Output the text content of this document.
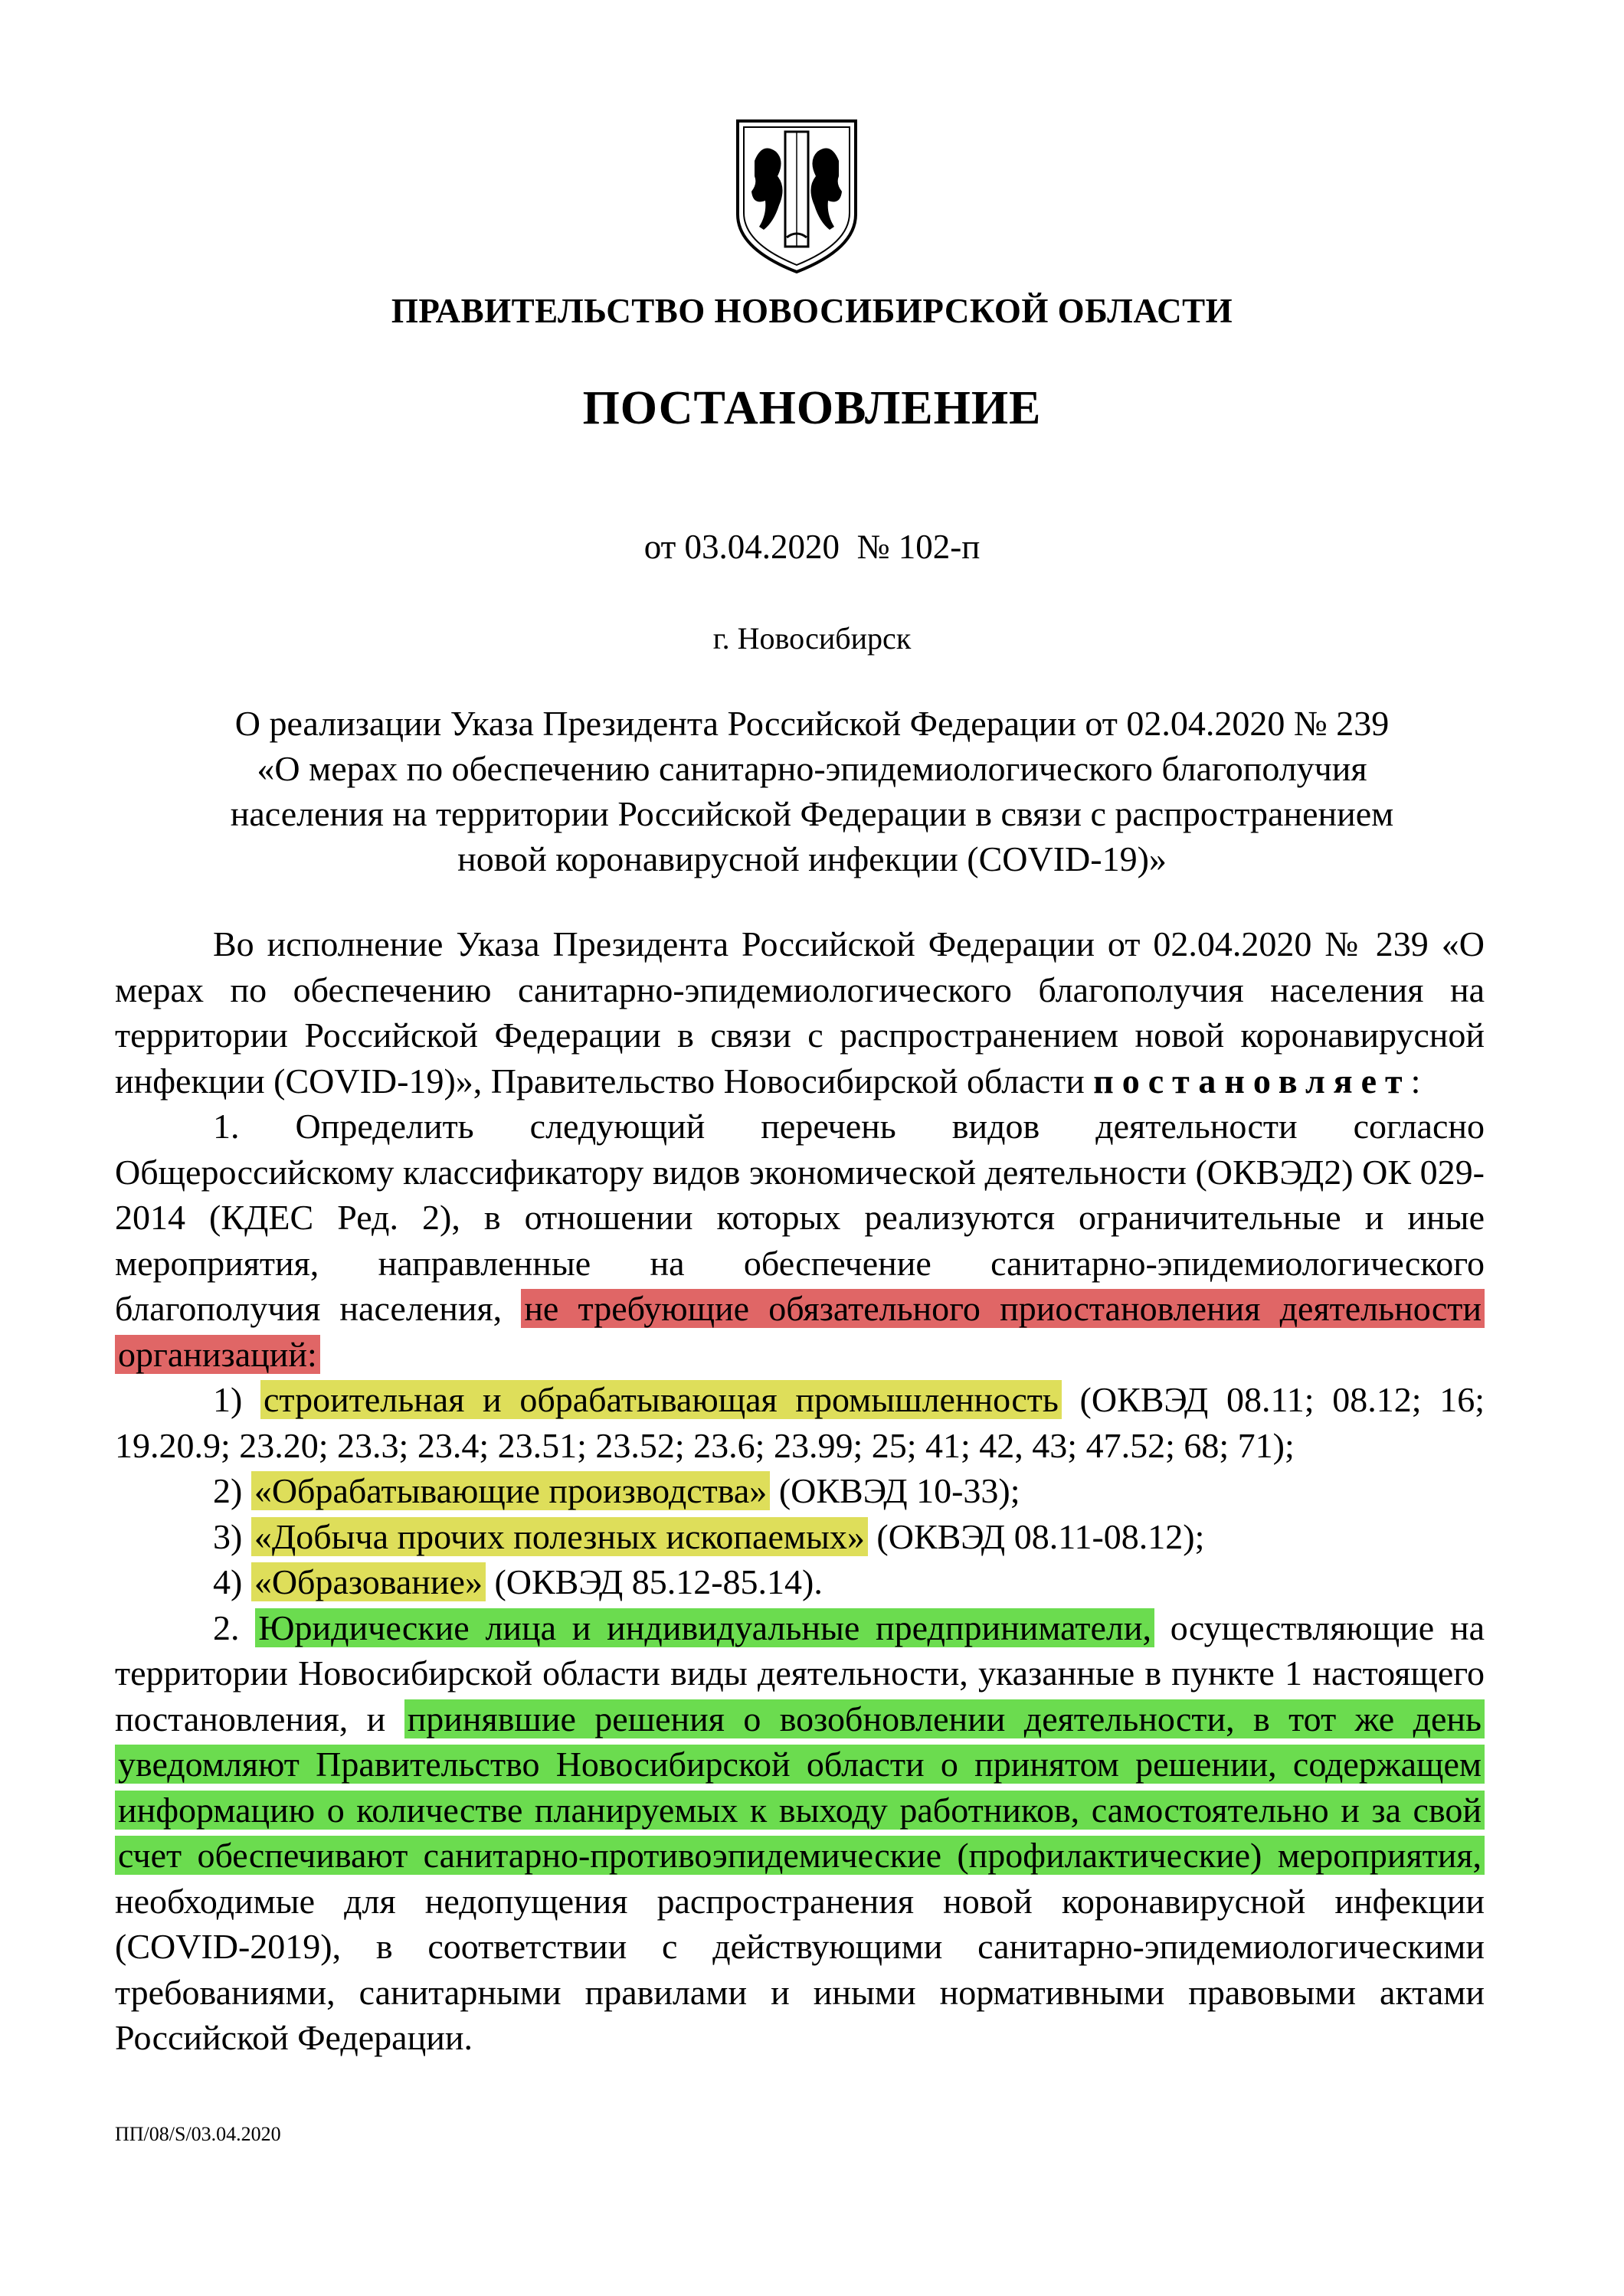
ПРАВИТЕЛЬСТВО НОВОСИБИРСКОЙ ОБЛАСТИ
ПОСТАНОВЛЕНИЕ
от 03.04.2020  № 102-п
г. Новосибирск
О реализации Указа Президента Российской Федерации от 02.04.2020 № 239
«О мерах по обеспечению санитарно-эпидемиологического благополучия
населения на территории Российской Федерации в связи с распространением
новой коронавирусной инфекции (COVID-19)»

Во исполнение Указа Президента Российской Федерации от 02.04.2020 № 239 «О мерах по обеспечению санитарно-эпидемиологического благополучия населения на территории Российской Федерации в связи с распространением новой коронавирусной инфекции (COVID-19)», Правительство Новосибирской области постановляет:

1. Определить следующий перечень видов деятельности согласно Общероссийскому классификатору видов экономической деятельности (ОКВЭД2) ОК 029-2014 (КДЕС Ред. 2), в отношении которых реализуются ограничительные и иные мероприятия, направленные на обеспечение санитарно-эпидемиологического благополучия населения, не требующие обязательного приостановления деятельности организаций:

1) строительная и обрабатывающая промышленность (ОКВЭД 08.11; 08.12; 16; 19.20.9; 23.20; 23.3; 23.4; 23.51; 23.52; 23.6; 23.99; 25; 41; 42, 43; 47.52; 68; 71);

2) «Обрабатывающие производства» (ОКВЭД 10-33);

3) «Добыча прочих полезных ископаемых» (ОКВЭД 08.11-08.12);

4) «Образование» (ОКВЭД 85.12-85.14).

2. Юридические лица и индивидуальные предприниматели, осуществляющие на территории Новосибирской области виды деятельности, указанные в пункте 1 настоящего постановления, и принявшие решения о возобновлении деятельности, в тот же день уведомляют Правительство Новосибирской области о принятом решении, содержащем информацию о количестве планируемых к выходу работников, самостоятельно и за свой счет обеспечивают санитарно-противоэпидемические (профилактические) мероприятия, необходимые для недопущения распространения новой коронавирусной инфекции (COVID-2019), в соответствии с действующими санитарно-эпидемиологическими требованиями, санитарными правилами и иными нормативными правовыми актами Российской Федерации.

ПП/08/S/03.04.2020
